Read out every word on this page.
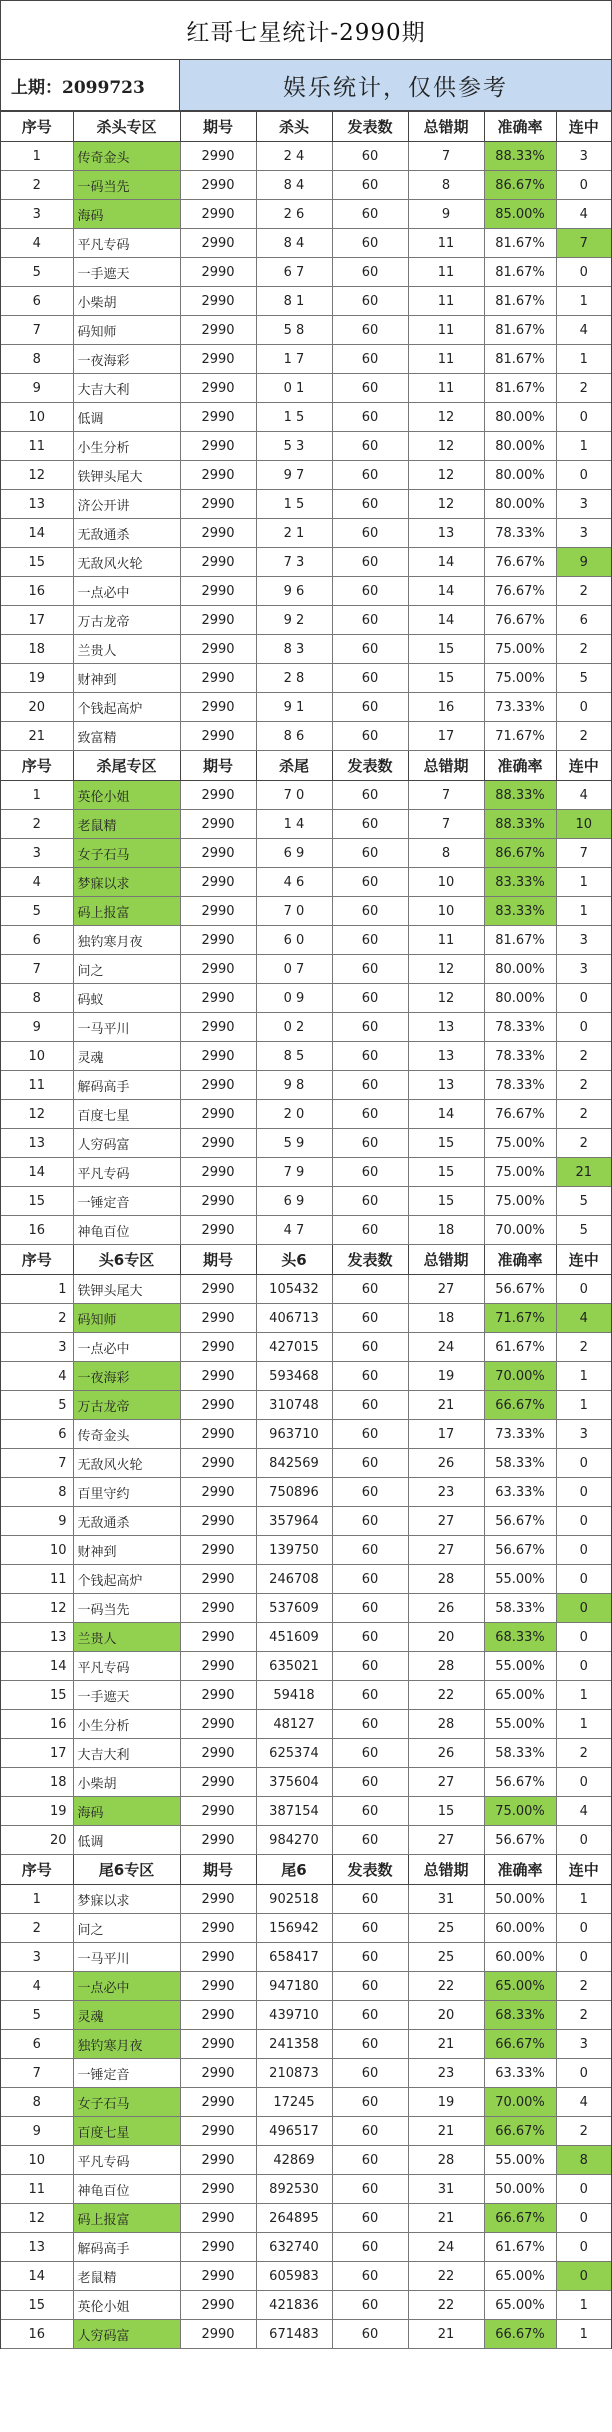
红哥七星统计-2990期
上期：2099723	娱乐统计，仅供参考
序号	杀头专区	期号	杀头	发表数	总错期	准确率	连中
1	传奇金头	2990	2 4	60	7	88.33%	3
2	一码当先	2990	8 4	60	8	86.67%	0
3	海码	2990	2 6	60	9	85.00%	4
4	平凡专码	2990	8 4	60	11	81.67%	7
5	一手遮天	2990	6 7	60	11	81.67%	0
6	小柴胡	2990	8 1	60	11	81.67%	1
7	码知师	2990	5 8	60	11	81.67%	4
8	一夜海彩	2990	1 7	60	11	81.67%	1
9	大吉大利	2990	0 1	60	11	81.67%	2
10	低调	2990	1 5	60	12	80.00%	0
11	小生分析	2990	5 3	60	12	80.00%	1
12	铁钾头尾大	2990	9 7	60	12	80.00%	0
13	济公开讲	2990	1 5	60	12	80.00%	3
14	无敌通杀	2990	2 1	60	13	78.33%	3
15	无敌风火轮	2990	7 3	60	14	76.67%	9
16	一点必中	2990	9 6	60	14	76.67%	2
17	万古龙帝	2990	9 2	60	14	76.67%	6
18	兰贵人	2990	8 3	60	15	75.00%	2
19	财神到	2990	2 8	60	15	75.00%	5
20	个钱起高炉	2990	9 1	60	16	73.33%	0
21	致富精	2990	8 6	60	17	71.67%	2
序号	杀尾专区	期号	杀尾	发表数	总错期	准确率	连中
1	英伦小姐	2990	7 0	60	7	88.33%	4
2	老鼠精	2990	1 4	60	7	88.33%	10
3	女子石马	2990	6 9	60	8	86.67%	7
4	梦寐以求	2990	4 6	60	10	83.33%	1
5	码上报富	2990	7 0	60	10	83.33%	1
6	独钓寒月夜	2990	6 0	60	11	81.67%	3
7	问之	2990	0 7	60	12	80.00%	3
8	码蚁	2990	0 9	60	12	80.00%	0
9	一马平川	2990	0 2	60	13	78.33%	0
10	灵魂	2990	8 5	60	13	78.33%	2
11	解码高手	2990	9 8	60	13	78.33%	2
12	百度七星	2990	2 0	60	14	76.67%	2
13	人穷码富	2990	5 9	60	15	75.00%	2
14	平凡专码	2990	7 9	60	15	75.00%	21
15	一锤定音	2990	6 9	60	15	75.00%	5
16	神龟百位	2990	4 7	60	18	70.00%	5
序号	头6专区	期号	头6	发表数	总错期	准确率	连中
1	铁钾头尾大	2990	105432	60	27	56.67%	0
2	码知师	2990	406713	60	18	71.67%	4
3	一点必中	2990	427015	60	24	61.67%	2
4	一夜海彩	2990	593468	60	19	70.00%	1
5	万古龙帝	2990	310748	60	21	66.67%	1
6	传奇金头	2990	963710	60	17	73.33%	3
7	无敌风火轮	2990	842569	60	26	58.33%	0
8	百里守约	2990	750896	60	23	63.33%	0
9	无敌通杀	2990	357964	60	27	56.67%	0
10	财神到	2990	139750	60	27	56.67%	0
11	个钱起高炉	2990	246708	60	28	55.00%	0
12	一码当先	2990	537609	60	26	58.33%	0
13	兰贵人	2990	451609	60	20	68.33%	0
14	平凡专码	2990	635021	60	28	55.00%	0
15	一手遮天	2990	59418	60	22	65.00%	1
16	小生分析	2990	48127	60	28	55.00%	1
17	大吉大利	2990	625374	60	26	58.33%	2
18	小柴胡	2990	375604	60	27	56.67%	0
19	海码	2990	387154	60	15	75.00%	4
20	低调	2990	984270	60	27	56.67%	0
序号	尾6专区	期号	尾6	发表数	总错期	准确率	连中
1	梦寐以求	2990	902518	60	31	50.00%	1
2	问之	2990	156942	60	25	60.00%	0
3	一马平川	2990	658417	60	25	60.00%	0
4	一点必中	2990	947180	60	22	65.00%	2
5	灵魂	2990	439710	60	20	68.33%	2
6	独钓寒月夜	2990	241358	60	21	66.67%	3
7	一锤定音	2990	210873	60	23	63.33%	0
8	女子石马	2990	17245	60	19	70.00%	4
9	百度七星	2990	496517	60	21	66.67%	2
10	平凡专码	2990	42869	60	28	55.00%	8
11	神龟百位	2990	892530	60	31	50.00%	0
12	码上报富	2990	264895	60	21	66.67%	0
13	解码高手	2990	632740	60	24	61.67%	0
14	老鼠精	2990	605983	60	22	65.00%	0
15	英伦小姐	2990	421836	60	22	65.00%	1
16	人穷码富	2990	671483	60	21	66.67%	1
